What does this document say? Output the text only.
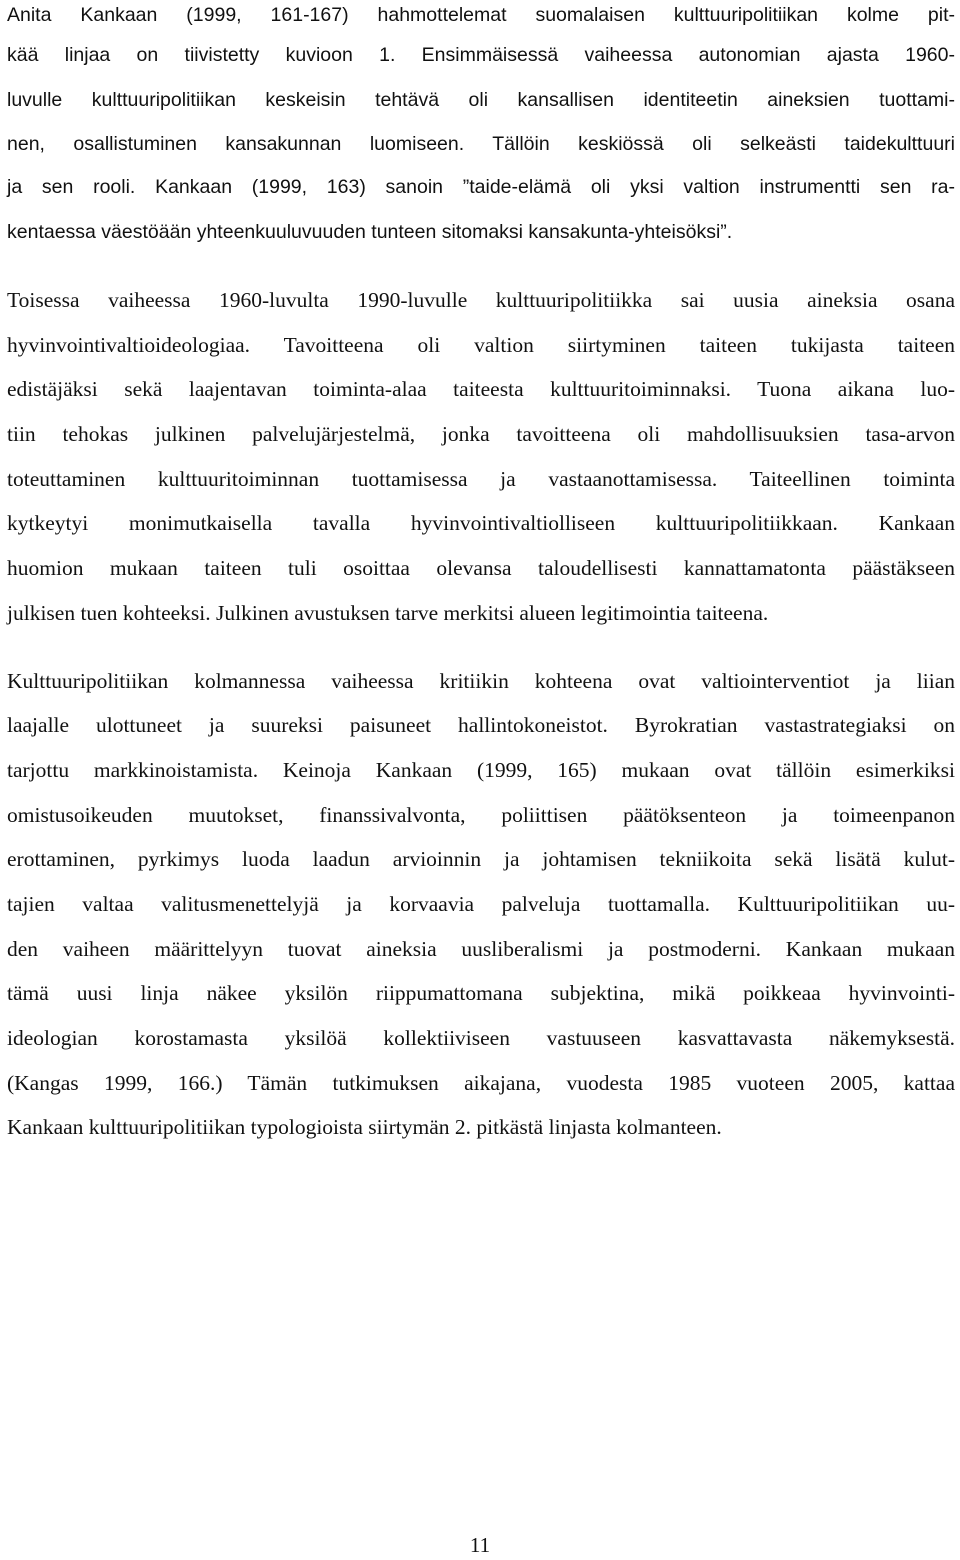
Anita Kankaan (1999, 161-167) hahmottelemat suomalaisen kulttuuripolitiikan kolme pit-
kää linjaa on tiivistetty kuvioon 1. Ensimmäisessä vaiheessa autonomian ajasta 1960-
luvulle kulttuuripolitiikan keskeisin tehtävä oli kansallisen identiteetin aineksien tuottami-
nen, osallistuminen kansakunnan luomiseen. Tällöin keskiössä oli selkeästi taidekulttuuri
ja sen rooli. Kankaan (1999, 163) sanoin ”taide-elämä oli yksi valtion instrumentti sen ra-
kentaessa väestöään yhteenkuuluvuuden tunteen sitomaksi kansakunta-yhteisöksi”.
Toisessa vaiheessa 1960-luvulta 1990-luvulle kulttuuripolitiikka sai uusia aineksia osana
hyvinvointivaltioideologiaa. Tavoitteena oli valtion siirtyminen taiteen tukijasta taiteen
edistäjäksi sekä laajentavan toiminta-alaa taiteesta kulttuuritoiminnaksi. Tuona aikana luo-
tiin tehokas julkinen palvelujärjestelmä, jonka tavoitteena oli mahdollisuuksien tasa-arvon
toteuttaminen kulttuuritoiminnan tuottamisessa ja vastaanottamisessa. Taiteellinen toiminta
kytkeytyi monimutkaisella tavalla hyvinvointivaltiolliseen kulttuuripolitiikkaan. Kankaan
huomion mukaan taiteen tuli osoittaa olevansa taloudellisesti kannattamatonta päästäkseen
julkisen tuen kohteeksi. Julkinen avustuksen tarve merkitsi alueen legitimointia taiteena.
Kulttuuripolitiikan kolmannessa vaiheessa kritiikin kohteena ovat valtiointerventiot ja liian
laajalle ulottuneet ja suureksi paisuneet hallintokoneistot. Byrokratian vastastrategiaksi on
tarjottu markkinoistamista. Keinoja Kankaan (1999, 165) mukaan ovat tällöin esimerkiksi
omistusoikeuden muutokset, finanssivalvonta, poliittisen päätöksenteon ja toimeenpanon
erottaminen, pyrkimys luoda laadun arvioinnin ja johtamisen tekniikoita sekä lisätä kulut-
tajien valtaa valitusmenettelyjä ja korvaavia palveluja tuottamalla. Kulttuuripolitiikan uu-
den vaiheen määrittelyyn tuovat aineksia uusliberalismi ja postmoderni. Kankaan mukaan
tämä uusi linja näkee yksilön riippumattomana subjektina, mikä poikkeaa hyvinvointi-
ideologian korostamasta yksilöä kollektiiviseen vastuuseen kasvattavasta näkemyksestä.
(Kangas 1999, 166.) Tämän tutkimuksen aikajana, vuodesta 1985 vuoteen 2005, kattaa
Kankaan kulttuuripolitiikan typologioista siirtymän 2. pitkästä linjasta kolmanteen.
11
